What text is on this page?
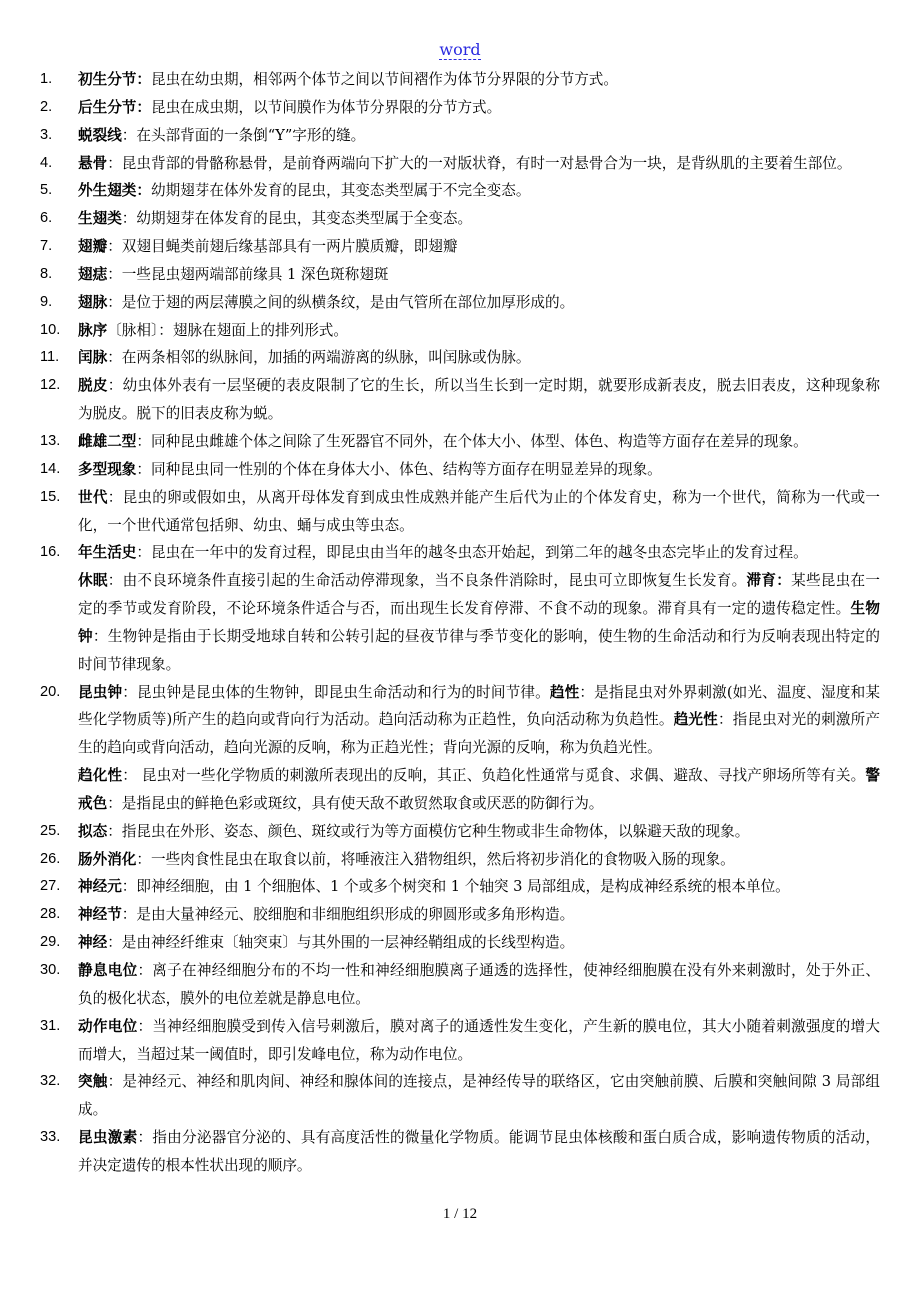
word
1. 初生分节：昆虫在幼虫期，相邻两个体节之间以节间褶作为体节分界限的分节方式。
2. 后生分节：昆虫在成虫期，以节间膜作为体节分界限的分节方式。
3. 蜕裂线：在头部背面的一条倒“Y”字形的缝。
4. 悬骨：昆虫背部的骨骼称悬骨，是前脊两端向下扩大的一对版状脊，有时一对悬骨合为一块，是背纵肌的主要着生部位。
5. 外生翅类：幼期翅芽在体外发育的昆虫，其变态类型属于不完全变态。
6. 生翅类：幼期翅芽在体发育的昆虫，其变态类型属于全变态。
7. 翅瓣：双翅目蝇类前翅后缘基部具有一两片膜质瓣，即翅瓣
8. 翅痣：一些昆虫翅两端部前缘具 1 深色斑称翅斑
9. 翅脉：是位于翅的两层薄膜之间的纵横条纹，是由气管所在部位加厚形成的。
10. 脉序〔脉相〕：翅脉在翅面上的排列形式。
11. 闰脉：在两条相邻的纵脉间，加插的两端游离的纵脉，叫闰脉或伪脉。
12. 脱皮：幼虫体外表有一层坚硬的表皮限制了它的生长，所以当生长到一定时期，就要形成新表皮，脱去旧表皮，这种现象称为脱皮。脱下的旧表皮称为蜕。
13. 雌雄二型：同种昆虫雌雄个体之间除了生死器官不同外，在个体大小、体型、体色、构造等方面存在差异的现象。
14. 多型现象：同种昆虫同一性别的个体在身体大小、体色、结构等方面存在明显差异的现象。
15. 世代：昆虫的卵或假如虫，从离开母体发育到成虫性成熟并能产生后代为止的个体发育史，称为一个世代，简称为一代或一化，一个世代通常包括卵、幼虫、蛹与成虫等虫态。
16. 年生活史：昆虫在一年中的发育过程，即昆虫由当年的越冬虫态开始起，到第二年的越冬虫态完毕止的发育过程。
休眠：由不良环境条件直接引起的生命活动停滞现象，当不良条件消除时，昆虫可立即恢复生长发育。滞育：某些昆虫在一定的季节或发育阶段，不论环境条件适合与否，而出现生长发育停滞、不食不动的现象。滞育具有一定的遗传稳定性。生物钟：生物钟是指由于长期受地球自转和公转引起的昼夜节律与季节变化的影响，使生物的生命活动和行为反响表现出特定的时间节律现象。
20. 昆虫钟：昆虫钟是昆虫体的生物钟，即昆虫生命活动和行为的时间节律。趋性：是指昆虫对外界刺激(如光、温度、湿度和某些化学物质等)所产生的趋向或背向行为活动。趋向活动称为正趋性，负向活动称为负趋性。趋光性：指昆虫对光的刺激所产生的趋向或背向活动，趋向光源的反响，称为正趋光性；背向光源的反响，称为负趋光性。
趋化性： 昆虫对一些化学物质的刺激所表现出的反响，其正、负趋化性通常与觅食、求偶、避敌、寻找产卵场所等有关。警戒色：是指昆虫的鲜艳色彩或斑纹，具有使天敌不敢贸然取食或厌恶的防御行为。
25. 拟态：指昆虫在外形、姿态、颜色、斑纹或行为等方面模仿它种生物或非生命物体，以躲避天敌的现象。
26. 肠外消化：一些肉食性昆虫在取食以前，将唾液注入猎物组织，然后将初步消化的食物吸入肠的现象。
27. 神经元：即神经细胞，由 1 个细胞体、1 个或多个树突和 1 个轴突 3 局部组成，是构成神经系统的根本单位。
28. 神经节：是由大量神经元、胶细胞和非细胞组织形成的卵圆形或多角形构造。
29. 神经：是由神经纤维束〔轴突束〕与其外围的一层神经鞘组成的长线型构造。
30. 静息电位：离子在神经细胞分布的不均一性和神经细胞膜离子通透的选择性，使神经细胞膜在没有外来刺激时，处于外正、负的极化状态，膜外的电位差就是静息电位。
31. 动作电位：当神经细胞膜受到传入信号刺激后，膜对离子的通透性发生变化，产生新的膜电位，其大小随着刺激强度的增大而增大，当超过某一阈值时，即引发峰电位，称为动作电位。
32. 突触：是神经元、神经和肌肉间、神经和腺体间的连接点，是神经传导的联络区，它由突触前膜、后膜和突触间隙 3 局部组成。
33. 昆虫激素：指由分泌器官分泌的、具有高度活性的微量化学物质。能调节昆虫体核酸和蛋白质合成，影响遗传物质的活动，并决定遗传的根本性状出现的顺序。
1 / 12
